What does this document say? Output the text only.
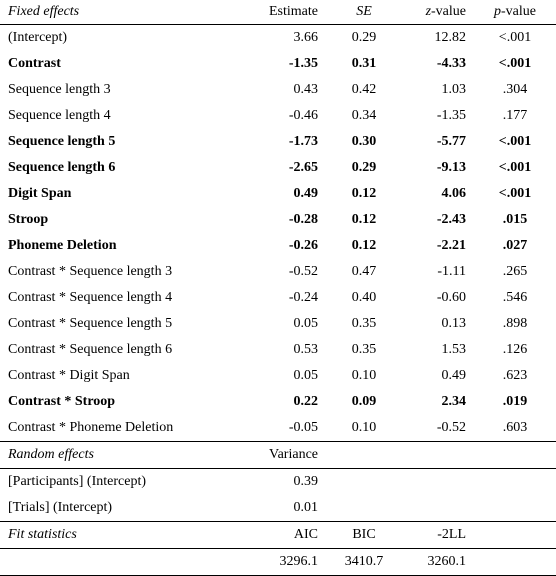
Fixed effects	Estimate	SE	z-value	p-value
(Intercept)	3.66	0.29	12.82	<.001
Contrast	-1.35	0.31	-4.33	<.001
Sequence length 3	0.43	0.42	1.03	.304
Sequence length 4	-0.46	0.34	-1.35	.177
Sequence length 5	-1.73	0.30	-5.77	<.001
Sequence length 6	-2.65	0.29	-9.13	<.001
Digit Span	0.49	0.12	4.06	<.001
Stroop	-0.28	0.12	-2.43	.015
Phoneme Deletion	-0.26	0.12	-2.21	.027
Contrast * Sequence length 3	-0.52	0.47	-1.11	.265
Contrast * Sequence length 4	-0.24	0.40	-0.60	.546
Contrast * Sequence length 5	0.05	0.35	0.13	.898
Contrast * Sequence length 6	0.53	0.35	1.53	.126
Contrast * Digit Span	0.05	0.10	0.49	.623
Contrast * Stroop	0.22	0.09	2.34	.019
Contrast * Phoneme Deletion	-0.05	0.10	-0.52	.603
Random effects	Variance			
[Participants] (Intercept)	0.39			
[Trials] (Intercept)	0.01			
Fit statistics	AIC	BIC	-2LL	
	3296.1	3410.7	3260.1	
